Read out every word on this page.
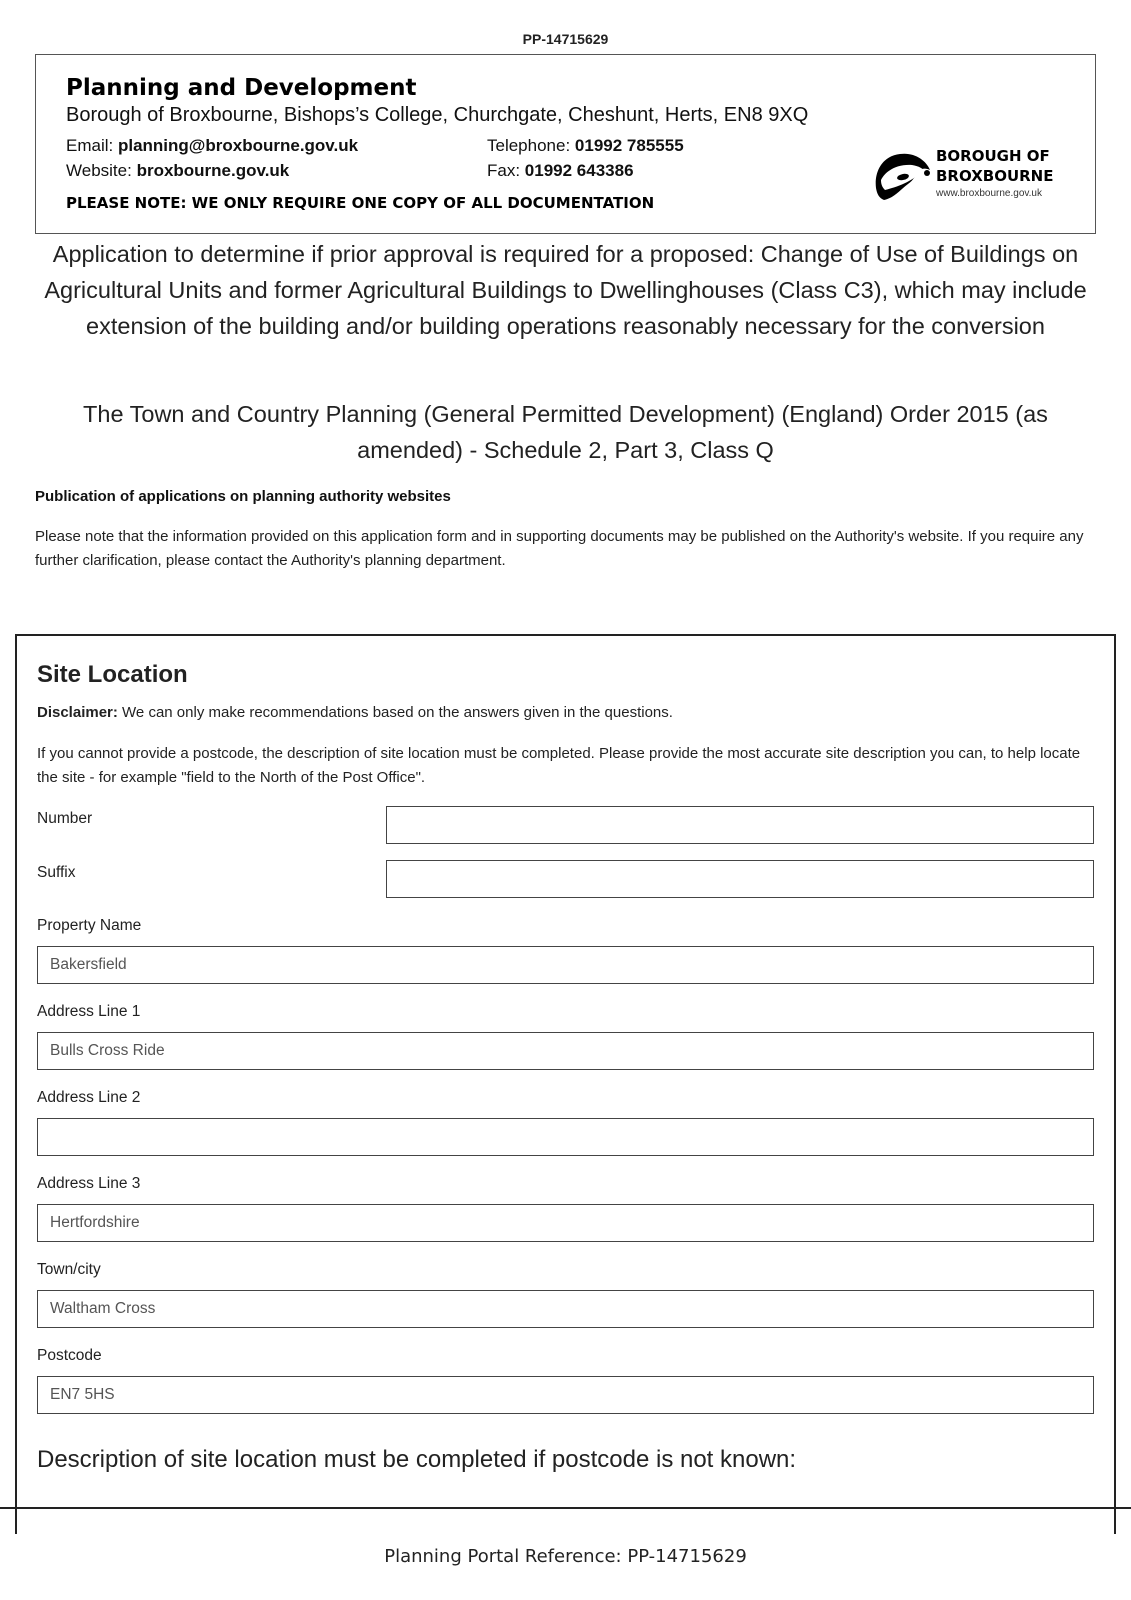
PP-14715629
Planning and Development
Borough of Broxbourne, Bishops’s College, Churchgate, Cheshunt, Herts, EN8 9XQ
Email: planning@broxbourne.gov.uk
Website: broxbourne.gov.uk
Telephone: 01992 785555
Fax: 01992 643386
PLEASE NOTE: WE ONLY REQUIRE ONE COPY OF ALL DOCUMENTATION
BOROUGH OF
BROXBOURNE
www.broxbourne.gov.uk
Application to determine if prior approval is required for a proposed: Change of Use of Buildings on Agricultural Units and former Agricultural Buildings to Dwellinghouses (Class C3), which may include extension of the building and/or building operations reasonably necessary for the conversion
The Town and Country Planning (General Permitted Development) (England) Order 2015 (as amended) - Schedule 2, Part 3, Class Q
Publication of applications on planning authority websites
Please note that the information provided on this application form and in supporting documents may be published on the Authority's website. If you require any further clarification, please contact the Authority's planning department.
Site Location
Disclaimer: We can only make recommendations based on the answers given in the questions.
If you cannot provide a postcode, the description of site location must be completed. Please provide the most accurate site description you can, to help locate the site - for example "field to the North of the Post Office".
Number
Suffix
Property Name
Bakersfield
Address Line 1
Bulls Cross Ride
Address Line 2
Address Line 3
Hertfordshire
Town/city
Waltham Cross
Postcode
EN7 5HS
Description of site location must be completed if postcode is not known:
Planning Portal Reference: PP-14715629
